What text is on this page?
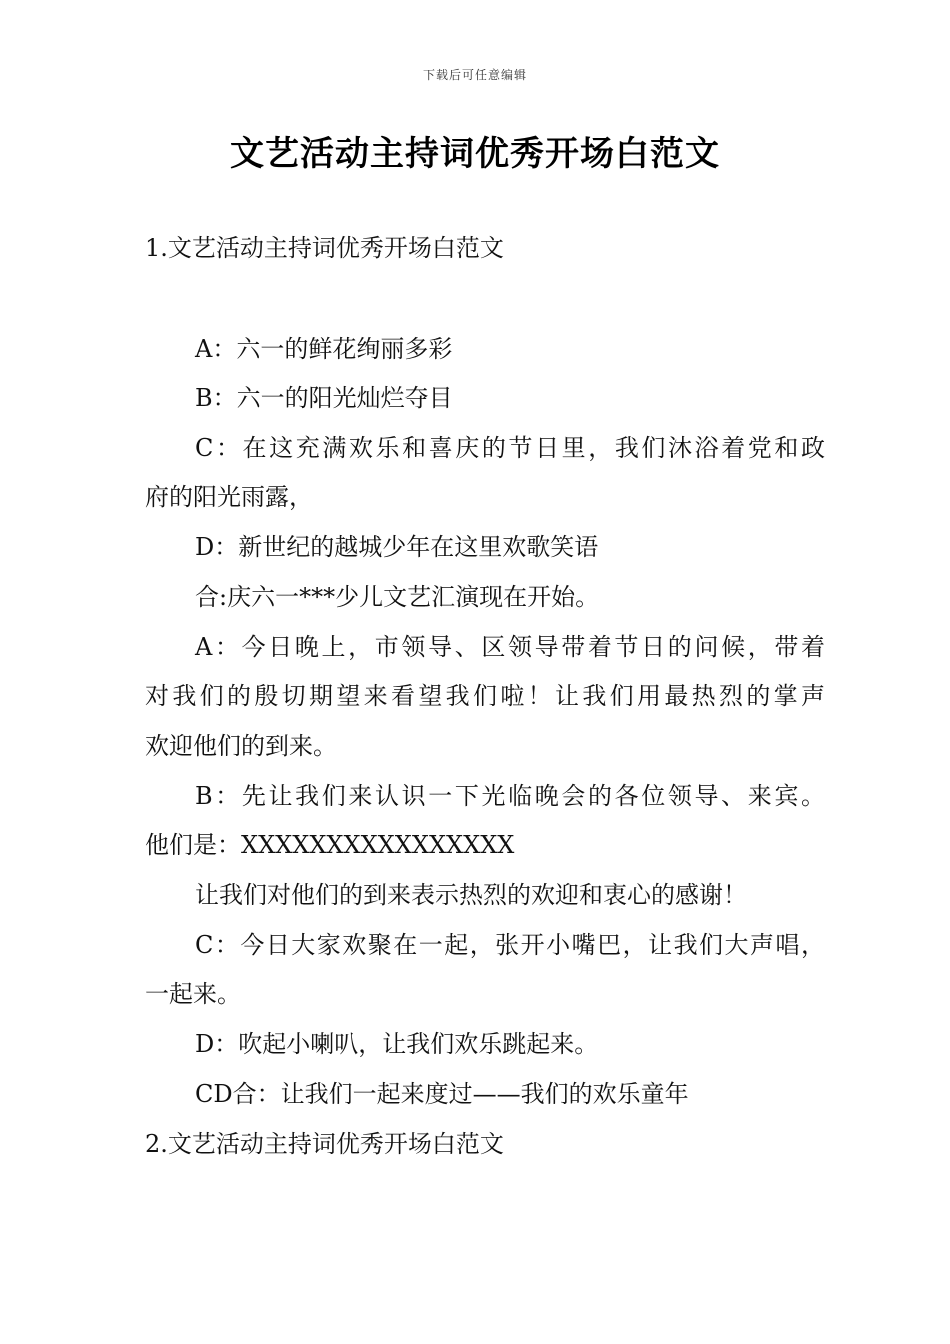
下载后可任意编辑
文艺活动主持词优秀开场白范文
1.文艺活动主持词优秀开场白范文
A：六一的鲜花绚丽多彩
B：六一的阳光灿烂夺目
C：在这充满欢乐和喜庆的节日里，我们沐浴着党和政
府的阳光雨露，
D：新世纪的越城少年在这里欢歌笑语
合:庆六一***少儿文艺汇演现在开始。
A：今日晚上，市领导、区领导带着节日的问候，带着
对我们的殷切期望来看望我们啦！让我们用最热烈的掌声
欢迎他们的到来。
B：先让我们来认识一下光临晚会的各位领导、来宾。
他们是：XXXXXXXXXXXXXXXX
让我们对他们的到来表示热烈的欢迎和衷心的感谢！
C：今日大家欢聚在一起，张开小嘴巴，让我们大声唱，
一起来。
D：吹起小喇叭，让我们欢乐跳起来。
CD合：让我们一起来度过——我们的欢乐童年
2.文艺活动主持词优秀开场白范文
